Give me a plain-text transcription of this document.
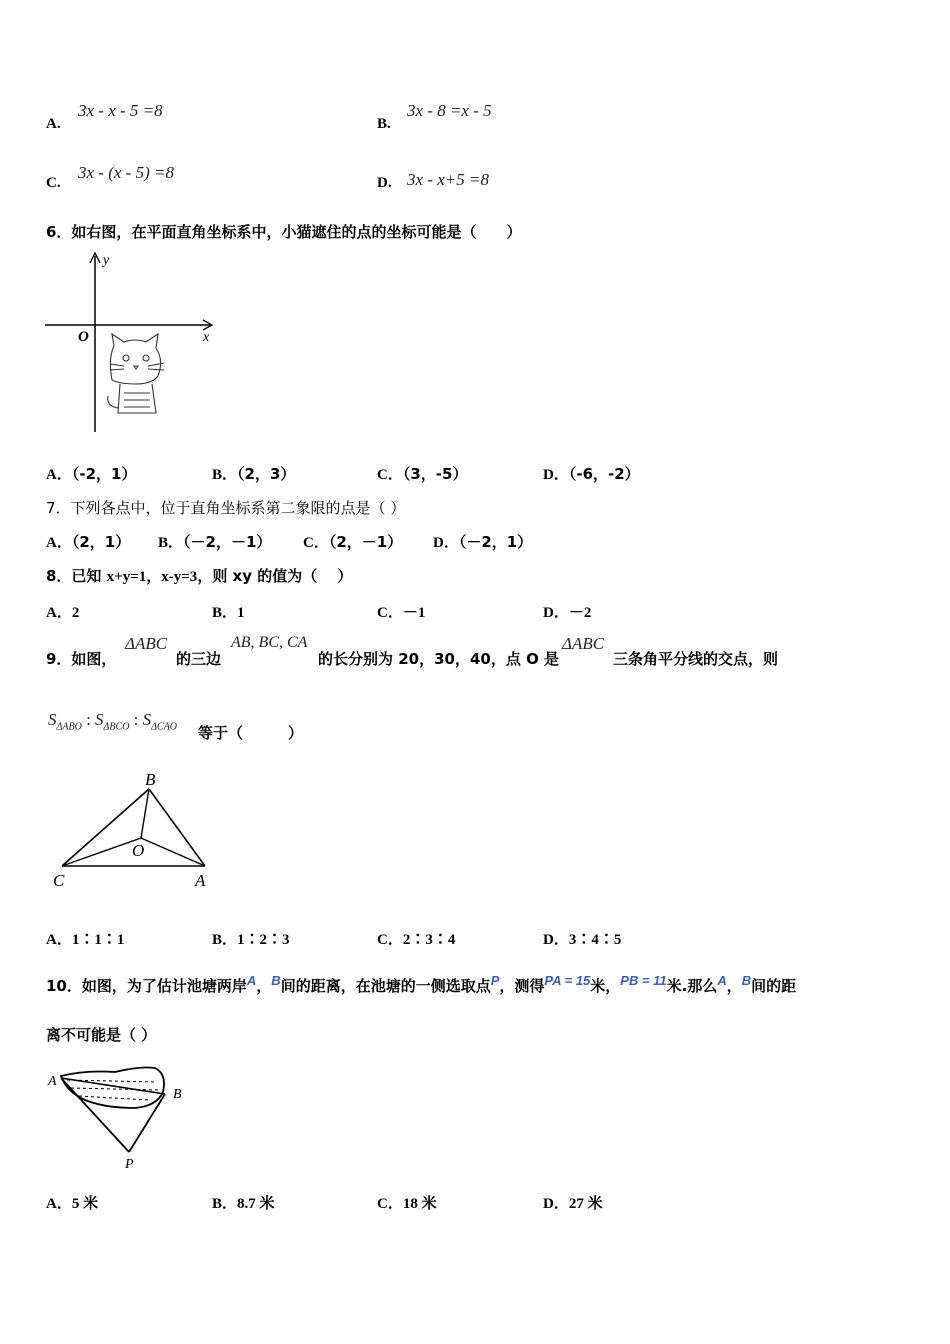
A.
3x - x - 5 =8
B.
3x - 8 =x - 5
C.
3x - (x - 5) =8
D. 3x - x+5 =8
6．如右图，在平面直角坐标系中，小猫遮住的点的坐标可能是（　　）
y
x
O
A．（-2，1）	B．（2，3）	C．（3，-5）	D．（-6，-2）
7．下列各点中，位于直角坐标系第二象限的点是（ ）
A．（2，1） B．（－2，－1） C．（2，－1） D．（－2，1）
8．已知 x+y=1，x-y=3，则 xy 的值为（　 ）
A．2	B．1	C．－1	D．－2
9．如图，
ΔABC
的三边
AB, BC, CA
的长分别为 20，30，40，点 O 是
ΔABC
三条角平分线的交点，则
$S_{\Delta ABO}$ : $S_{\Delta BCO}$ : $S_{\Delta CAO}$ 等于（　　　）
B
O
C	A
A．1∶1∶1	B．1∶2∶3	C．2∶3∶4	D．3∶4∶5
10．如图，为了估计池塘两岸A，B间的距离，在池塘的一侧选取点P，测得PA = 15米，PB = 11米.那么A，B间的距
离不可能是（ ）
A
B
P
A．5 米	B．8.7 米	C．18 米	D．27 米
